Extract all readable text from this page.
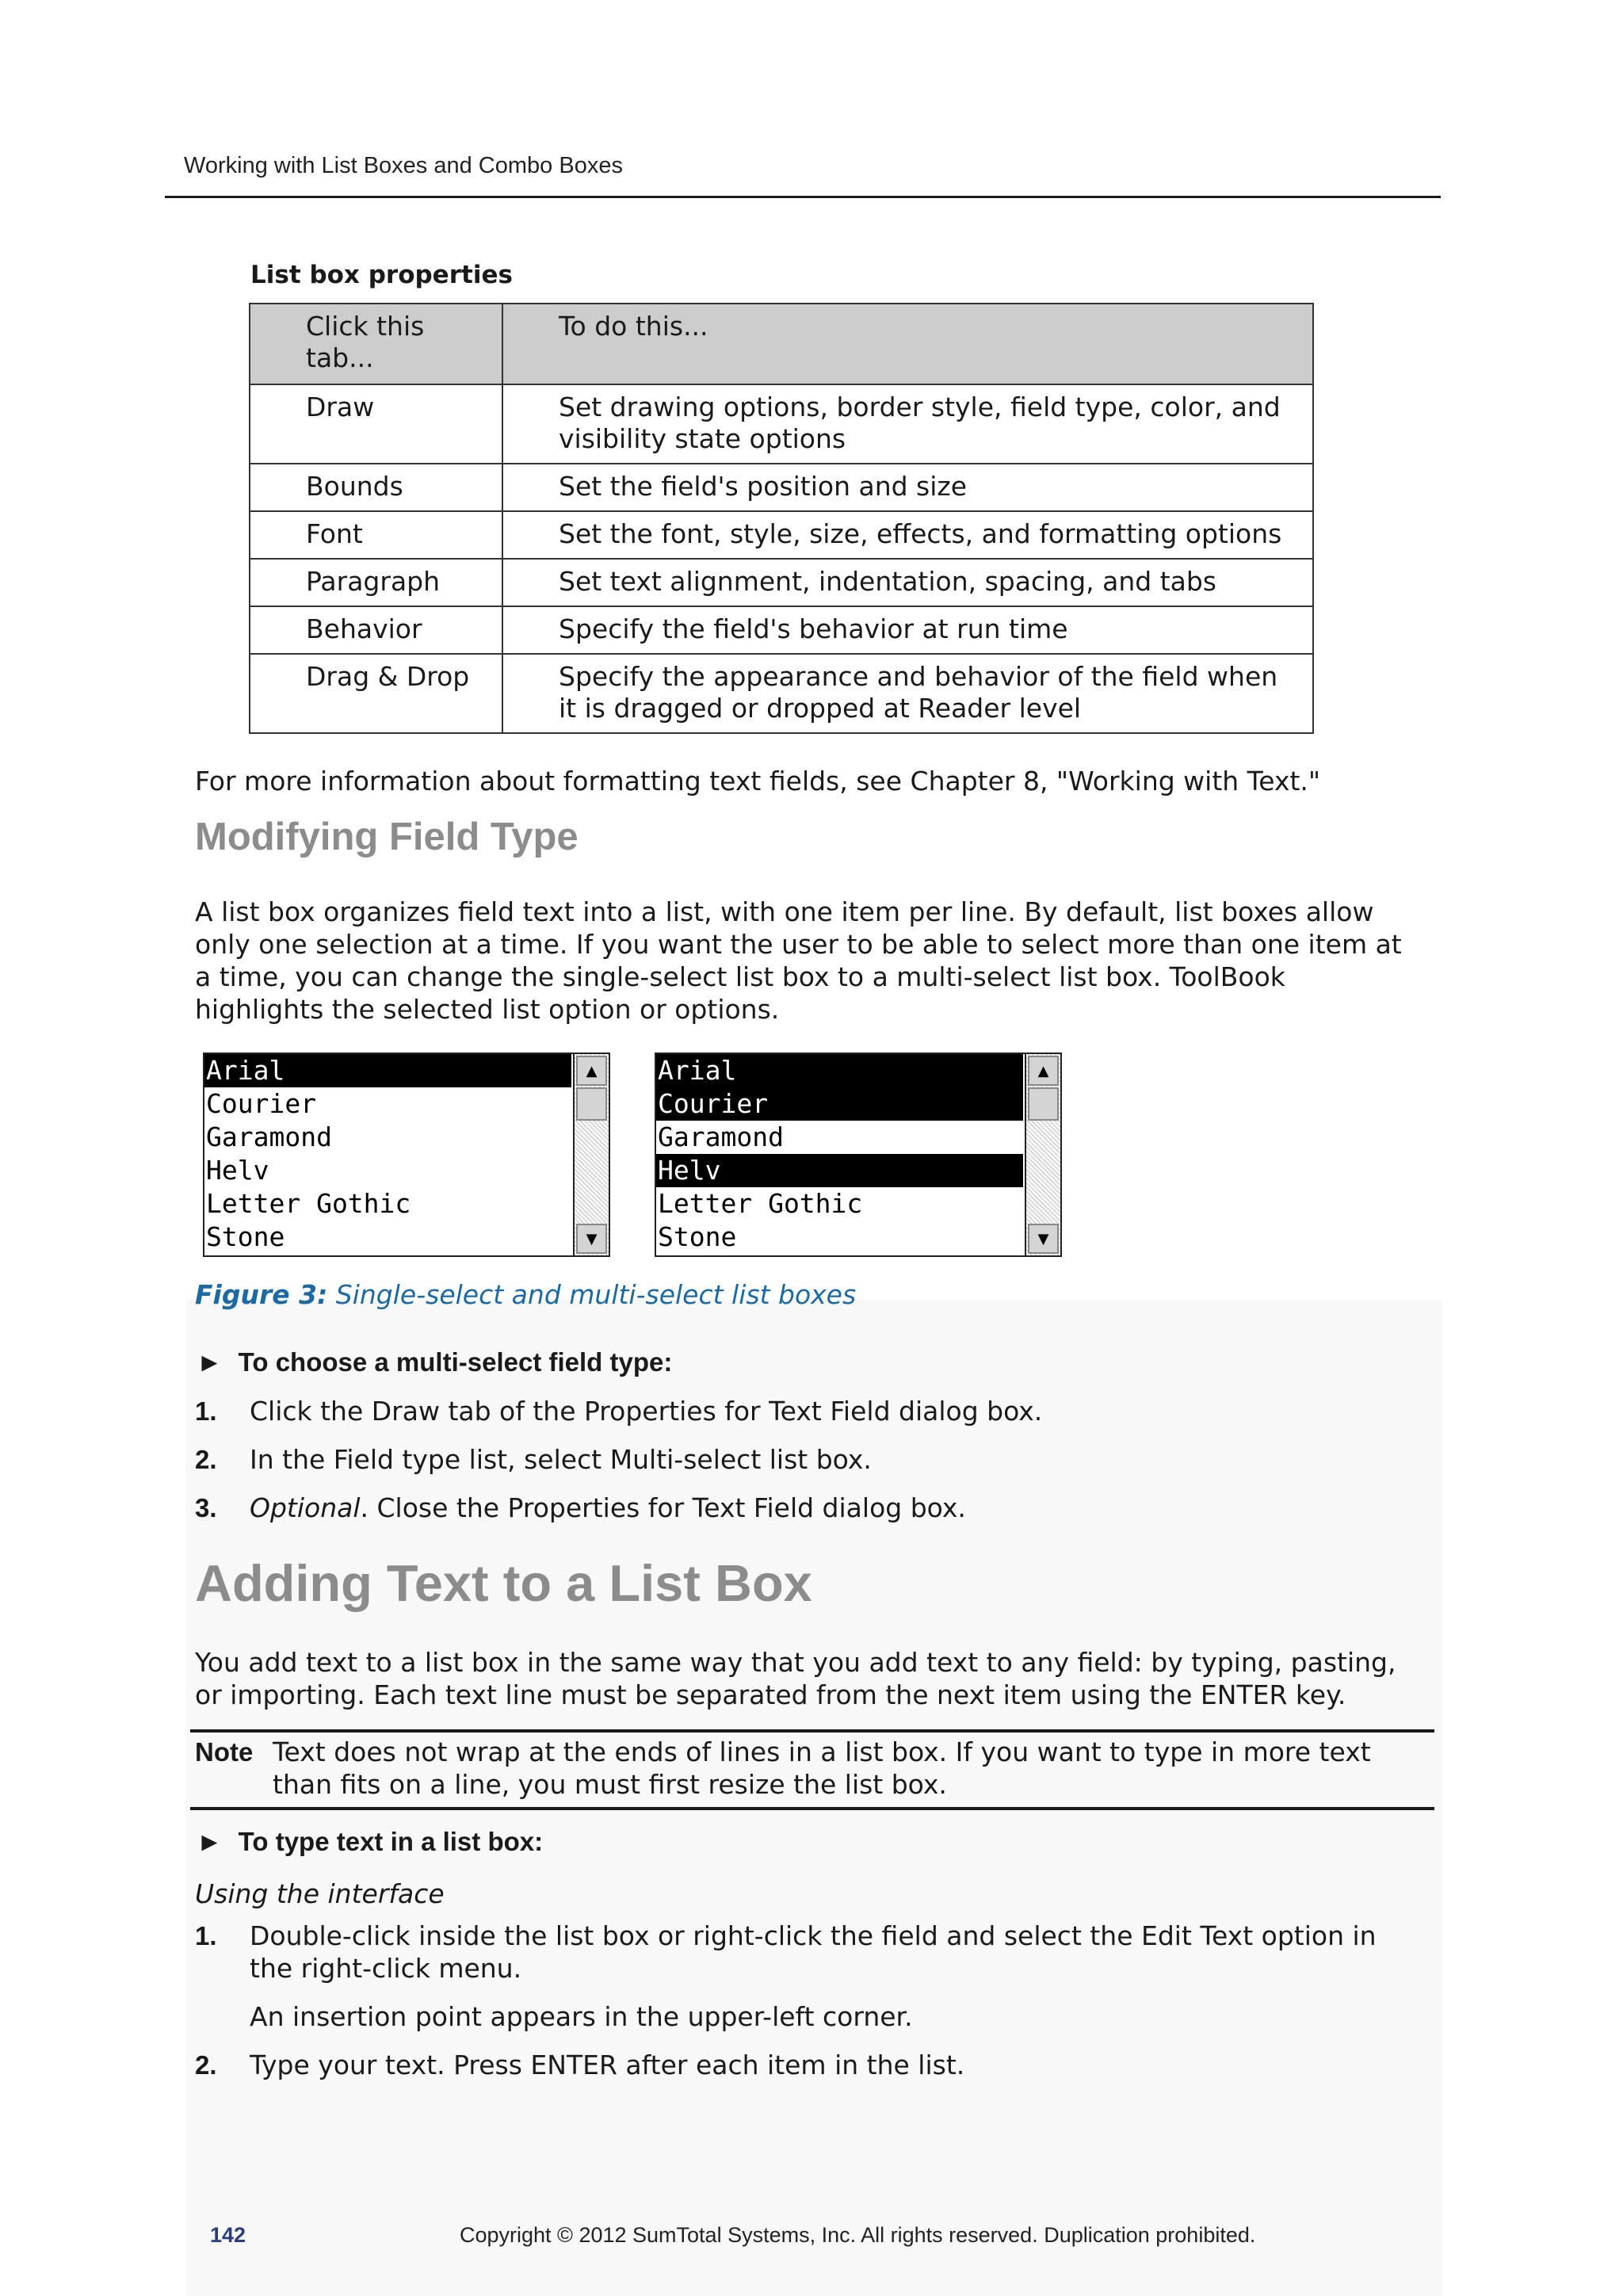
Working with List Boxes and Combo Boxes
List box properties
Click this tab...	To do this...
Draw	Set drawing options, border style, field type, color, and visibility state options
Bounds	Set the field's position and size
Font	Set the font, style, size, effects, and formatting options
Paragraph	Set text alignment, indentation, spacing, and tabs
Behavior	Specify the field's behavior at run time
Drag & Drop	Specify the appearance and behavior of the field when it is dragged or dropped at Reader level
For more information about formatting text fields, see Chapter 8, "Working with Text."
Modifying Field Type
A list box organizes field text into a list, with one item per line. By default, list boxes allow only one selection at a time. If you want the user to be able to select more than one item at a time, you can change the single-select list box to a multi-select list box. ToolBook highlights the selected list option or options.
Arial
Courier
Garamond
Helv
Letter Gothic
Stone
▲
▼
Arial
Courier
Garamond
Helv
Letter Gothic
Stone
▲
▼
Figure 3: Single-select and multi-select list boxes
► To choose a multi-select field type:
1. Click the Draw tab of the Properties for Text Field dialog box.
2. In the Field type list, select Multi-select list box.
3. Optional. Close the Properties for Text Field dialog box.
Adding Text to a List Box
You add text to a list box in the same way that you add text to any field: by typing, pasting, or importing. Each text line must be separated from the next item using the ENTER key.
Note Text does not wrap at the ends of lines in a list box. If you want to type in more text than fits on a line, you must first resize the list box.
► To type text in a list box:
Using the interface
1. Double-click inside the list box or right-click the field and select the Edit Text option in the right-click menu.
An insertion point appears in the upper-left corner.
2. Type your text. Press ENTER after each item in the list.
142	Copyright © 2012 SumTotal Systems, Inc. All rights reserved. Duplication prohibited.
